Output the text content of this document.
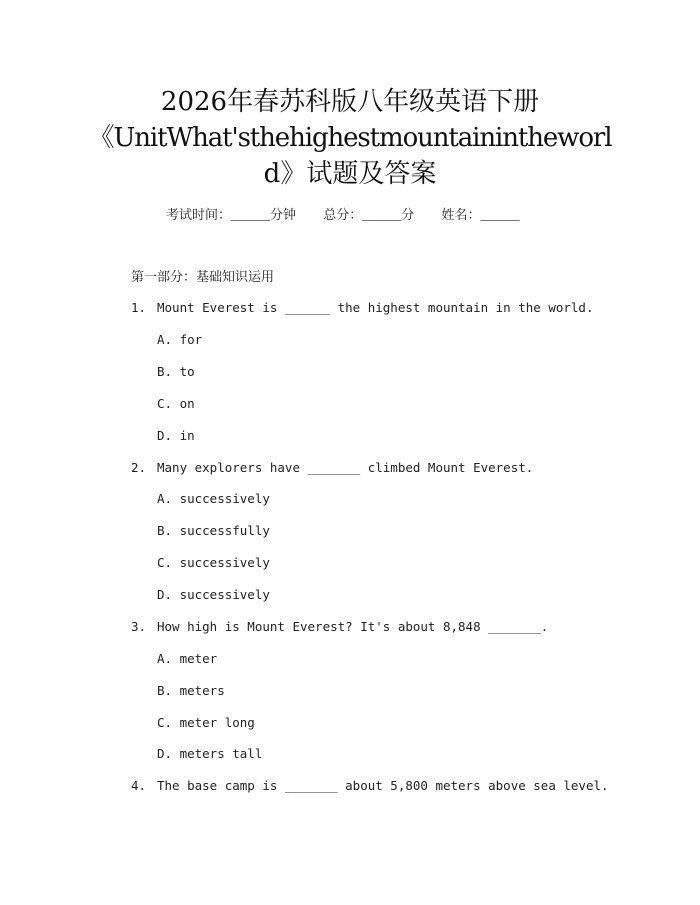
2026年春苏科版八年级英语下册
《UnitWhat'sthehighestmountainintheworl
d》试题及答案
考试时间：______分钟 总分：______分 姓名：______
第一部分：基础知识运用
1. Mount Everest is ______ the highest mountain in the world.
A. for
B. to
C. on
D. in
2. Many explorers have _______ climbed Mount Everest.
A. successively
B. successfully
C. successively
D. successively
3. How high is Mount Everest? It's about 8,848 _______.
A. meter
B. meters
C. meter long
D. meters tall
4. The base camp is _______ about 5,800 meters above sea level.
